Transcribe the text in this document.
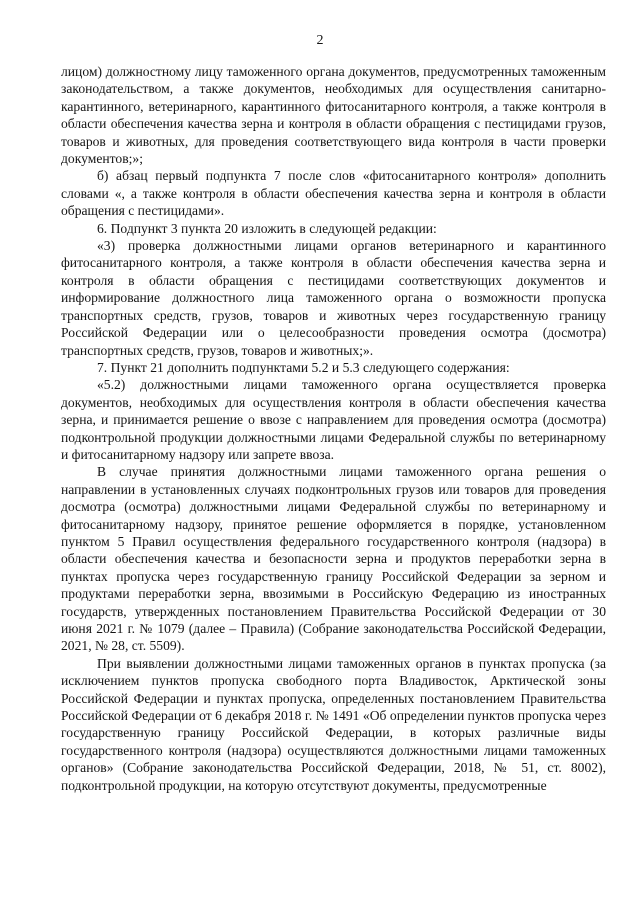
2

лицом) должностному лицу таможенного органа документов, предусмотренных таможенным законодательством, а также документов, необходимых для осуществления санитарно-карантинного, ветеринарного, карантинного фитосанитарного контроля, а также контроля в области обеспечения качества зерна и контроля в области обращения с пестицидами грузов, товаров и животных, для проведения соответствующего вида контроля в части проверки документов;»;

б) абзац первый подпункта 7 после слов «фитосанитарного контроля» дополнить словами «, а также контроля в области обеспечения качества зерна и контроля в области обращения с пестицидами».

6. Подпункт 3 пункта 20 изложить в следующей редакции:

«3) проверка должностными лицами органов ветеринарного и карантинного фитосанитарного контроля, а также контроля в области обеспечения качества зерна и контроля в области обращения с пестицидами соответствующих документов и информирование должностного лица таможенного органа о возможности пропуска транспортных средств, грузов, товаров и животных через государственную границу Российской Федерации или о целесообразности проведения осмотра (досмотра) транспортных средств, грузов, товаров и животных;».

7. Пункт 21 дополнить подпунктами 5.2 и 5.3 следующего содержания:

«5.2) должностными лицами таможенного органа осуществляется проверка документов, необходимых для осуществления контроля в области обеспечения качества зерна, и принимается решение о ввозе с направлением для проведения осмотра (досмотра) подконтрольной продукции должностными лицами Федеральной службы по ветеринарному и фитосанитарному надзору или запрете ввоза.

В случае принятия должностными лицами таможенного органа решения о направлении в установленных случаях подконтрольных грузов или товаров для проведения досмотра (осмотра) должностными лицами Федеральной службы по ветеринарному и фитосанитарному надзору, принятое решение оформляется в порядке, установленном пунктом 5 Правил осуществления федерального государственного контроля (надзора) в области обеспечения качества и безопасности зерна и продуктов переработки зерна в пунктах пропуска через государственную границу Российской Федерации за зерном и продуктами переработки зерна, ввозимыми в Российскую Федерацию из иностранных государств, утвержденных постановлением Правительства Российской Федерации от 30 июня 2021 г. № 1079 (далее – Правила) (Собрание законодательства Российской Федерации, 2021, № 28, ст. 5509).

При выявлении должностными лицами таможенных органов в пунктах пропуска (за исключением пунктов пропуска свободного порта Владивосток, Арктической зоны Российской Федерации и пунктах пропуска, определенных постановлением Правительства Российской Федерации от 6 декабря 2018 г. № 1491 «Об определении пунктов пропуска через государственную границу Российской Федерации, в которых различные виды государственного контроля (надзора) осуществляются должностными лицами таможенных органов» (Собрание законодательства Российской Федерации, 2018, № 51, ст. 8002), подконтрольной продукции, на которую отсутствуют документы, предусмотренные
